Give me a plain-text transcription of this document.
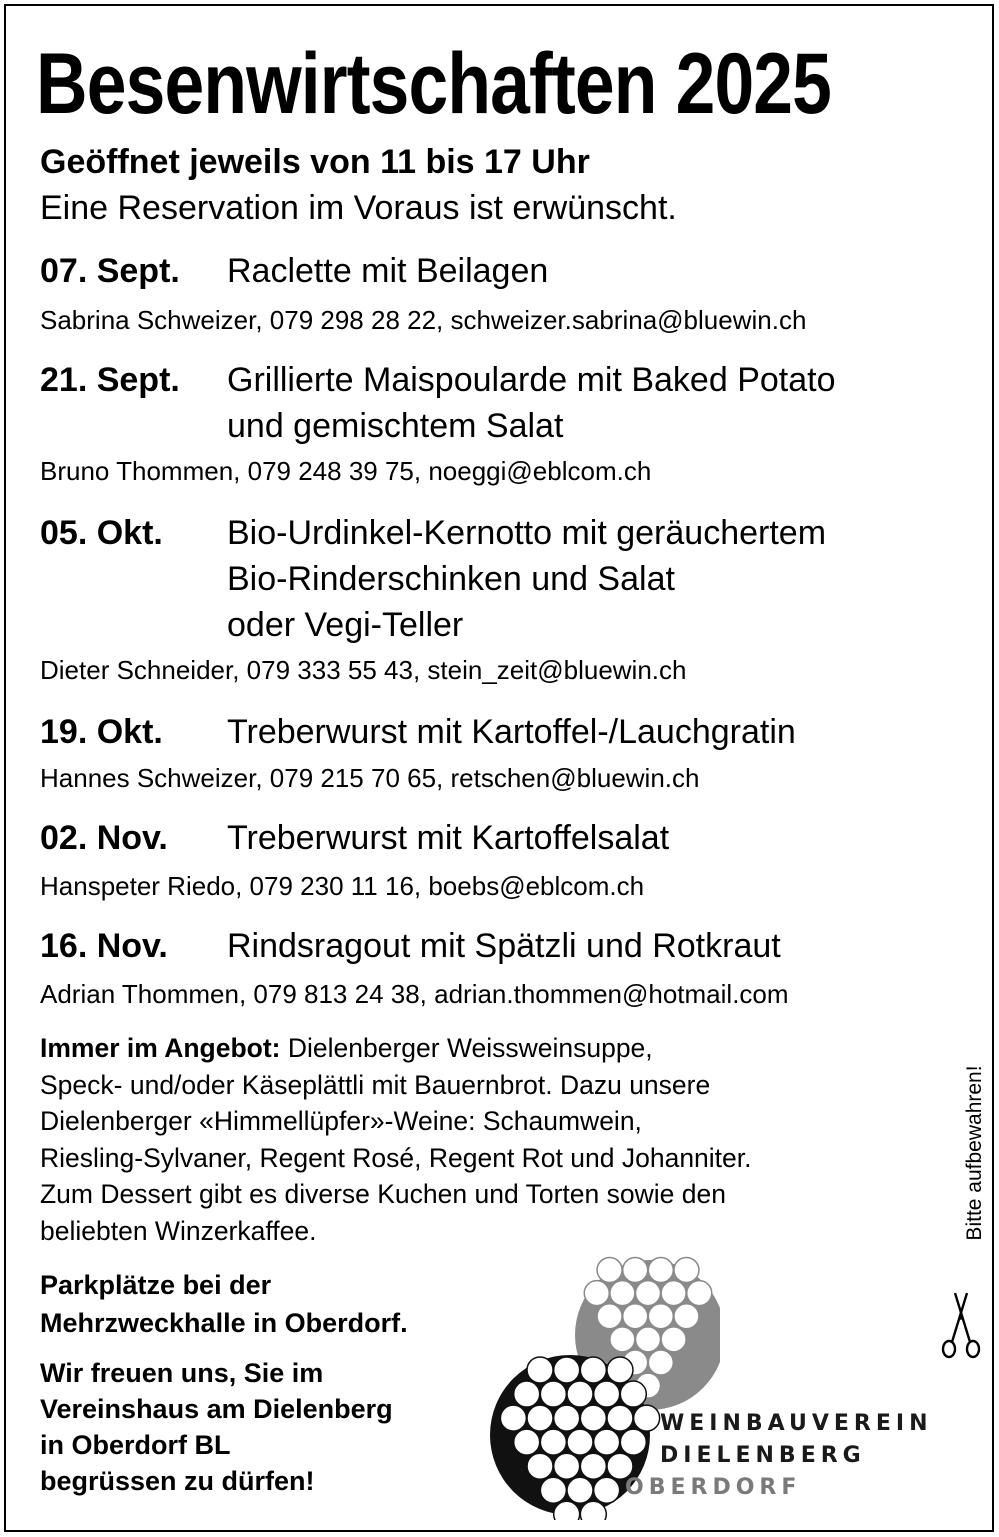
Besenwirtschaften 2025
Geöffnet jeweils von 11 bis 17 Uhr
Eine Reservation im Voraus ist erwünscht.
07. Sept. Raclette mit Beilagen
Sabrina Schweizer, 079 298 28 22, schweizer.sabrina@bluewin.ch
21. Sept. Grillierte Maispoularde mit Baked Potato
und gemischtem Salat
Bruno Thommen, 079 248 39 75, noeggi@eblcom.ch
05. Okt. Bio-Urdinkel-Kernotto mit geräuchertem
Bio-Rinderschinken und Salat
oder Vegi-Teller
Dieter Schneider, 079 333 55 43, stein_zeit@bluewin.ch
19. Okt. Treberwurst mit Kartoffel-/Lauchgratin
Hannes Schweizer, 079 215 70 65, retschen@bluewin.ch
02. Nov. Treberwurst mit Kartoffelsalat
Hanspeter Riedo, 079 230 11 16, boebs@eblcom.ch
16. Nov. Rindsragout mit Spätzli und Rotkraut
Adrian Thommen, 079 813 24 38, adrian.thommen@hotmail.com

Immer im Angebot: Dielenberger Weissweinsuppe,
Speck- und/oder Käseplättli mit Bauernbrot. Dazu unsere
Dielenberger «Himmellüpfer»-Weine: Schaumwein,
Riesling-Sylvaner, Regent Rosé, Regent Rot und Johanniter.
Zum Dessert gibt es diverse Kuchen und Torten sowie den
beliebten Winzerkaffee.

Parkplätze bei der
Mehrzweckhalle in Oberdorf.

Wir freuen uns, Sie im
Vereinshaus am Dielenberg
in Oberdorf BL
begrüssen zu dürfen!

Bitte aufbewahren!
WEINBAUVEREIN
DIELENBERG
OBERDORF
